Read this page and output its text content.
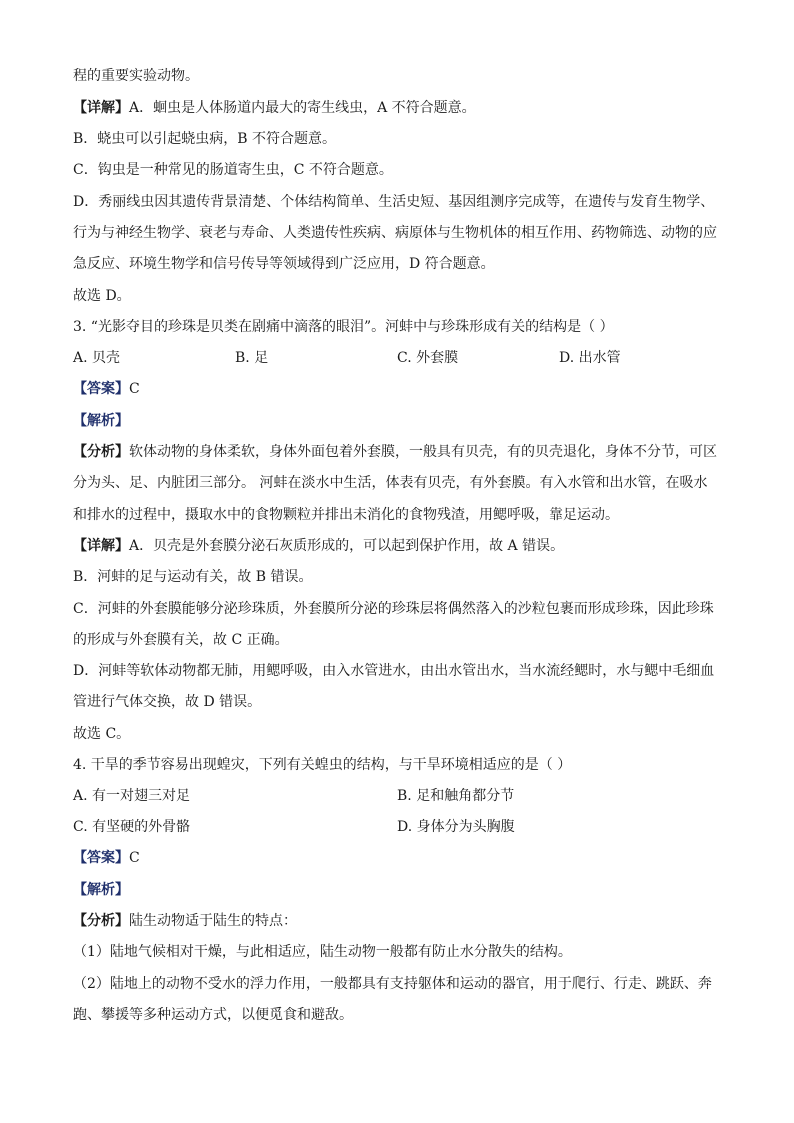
程的重要实验动物。
【详解】A．蛔虫是人体肠道内最大的寄生线虫，A 不符合题意。
B．蛲虫可以引起蛲虫病，B 不符合题意。
C．钩虫是一种常见的肠道寄生虫，C 不符合题意。
D．秀丽线虫因其遗传背景清楚、个体结构简单、生活史短、基因组测序完成等，在遗传与发育生物学、
行为与神经生物学、衰老与寿命、人类遗传性疾病、病原体与生物机体的相互作用、药物筛选、动物的应
急反应、环境生物学和信号传导等领域得到广泛应用，D 符合题意。
故选 D。
3. “光影夺目的珍珠是贝类在剧痛中滴落的眼泪”。河蚌中与珍珠形成有关的结构是（ ）
A. 贝壳	B. 足	C. 外套膜	D. 出水管
【答案】C
【解析】
【分析】软体动物的身体柔软，身体外面包着外套膜，一般具有贝壳，有的贝壳退化，身体不分节，可区
分为头、足、内脏团三部分。 河蚌在淡水中生活，体表有贝壳，有外套膜。有入水管和出水管，在吸水
和排水的过程中，摄取水中的食物颗粒并排出未消化的食物残渣，用鳃呼吸，靠足运动。
【详解】A．贝壳是外套膜分泌石灰质形成的，可以起到保护作用，故 A 错误。
B．河蚌的足与运动有关，故 B 错误。
C．河蚌的外套膜能够分泌珍珠质，外套膜所分泌的珍珠层将偶然落入的沙粒包裹而形成珍珠，因此珍珠
的形成与外套膜有关，故 C 正确。
D．河蚌等软体动物都无肺，用鳃呼吸，由入水管进水，由出水管出水，当水流经鳃时，水与鳃中毛细血
管进行气体交换，故 D 错误。
故选 C。
4. 干旱的季节容易出现蝗灾，下列有关蝗虫的结构，与干旱环境相适应的是（ ）
A. 有一对翅三对足	B. 足和触角都分节
C. 有坚硬的外骨骼	D. 身体分为头胸腹
【答案】C
【解析】
【分析】陆生动物适于陆生的特点：
（1）陆地气候相对干燥，与此相适应，陆生动物一般都有防止水分散失的结构。
（2）陆地上的动物不受水的浮力作用，一般都具有支持躯体和运动的器官，用于爬行、行走、跳跃、奔
跑、攀援等多种运动方式，以便觅食和避敌。
